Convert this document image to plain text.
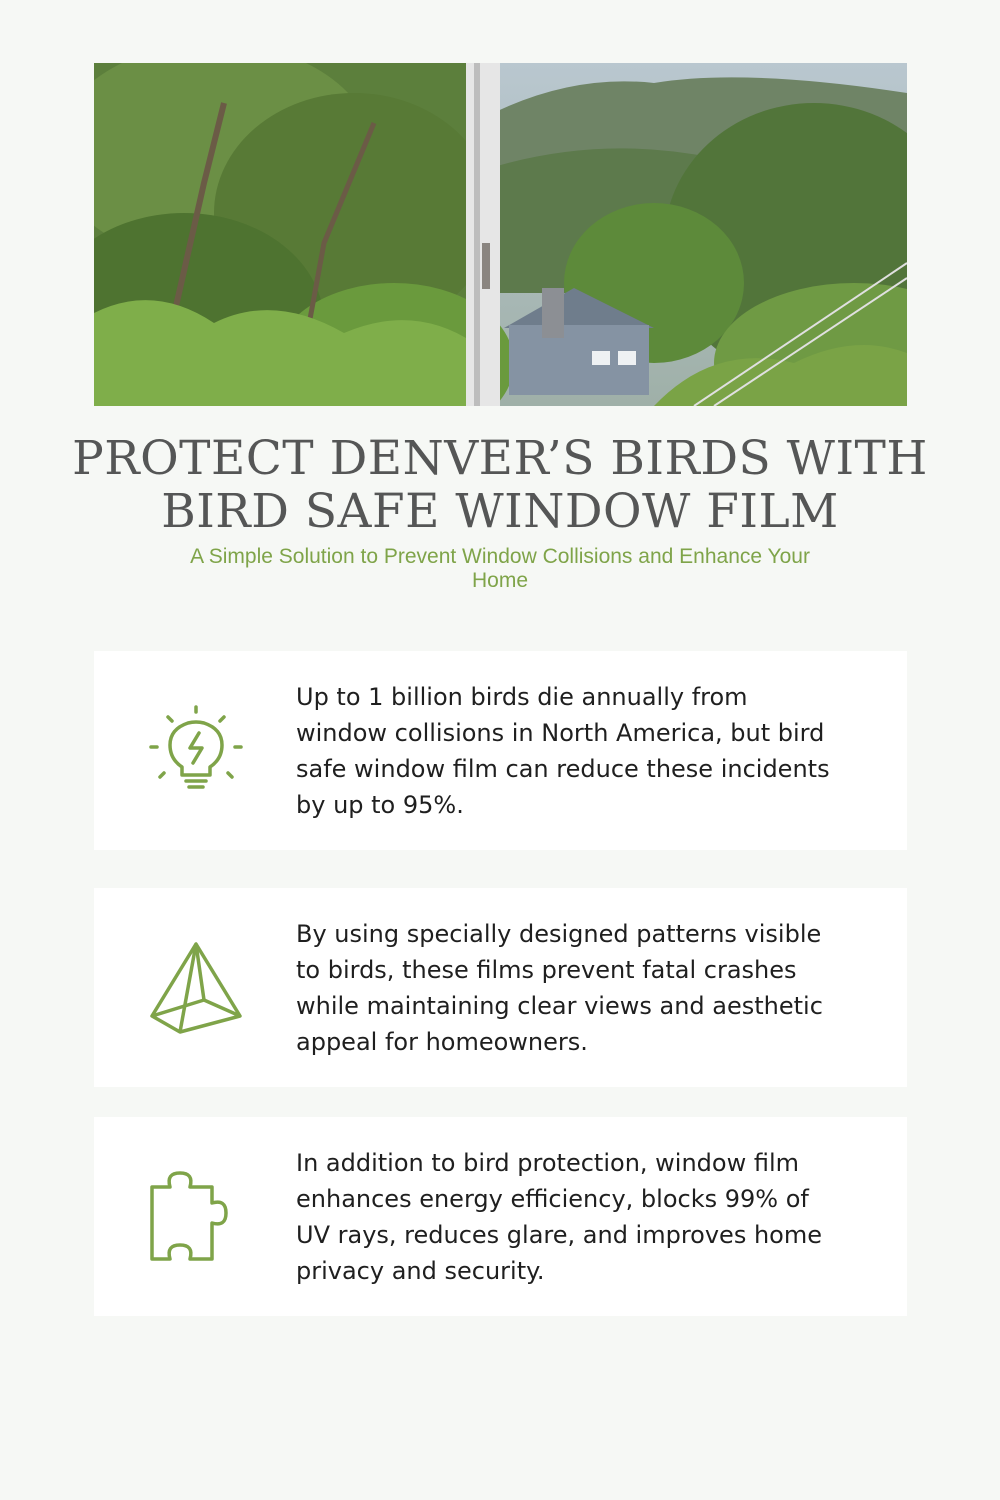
PROTECT DENVER’S BIRDS WITH BIRD SAFE WINDOW FILM

A Simple Solution to Prevent Window Collisions and Enhance Your Home

Up to 1 billion birds die annually from window collisions in North America, but bird safe window film can reduce these incidents by up to 95%.

By using specially designed patterns visible to birds, these films prevent fatal crashes while maintaining clear views and aesthetic appeal for homeowners.

In addition to bird protection, window film enhances energy efficiency, blocks 99% of UV rays, reduces glare, and improves home privacy and security.
